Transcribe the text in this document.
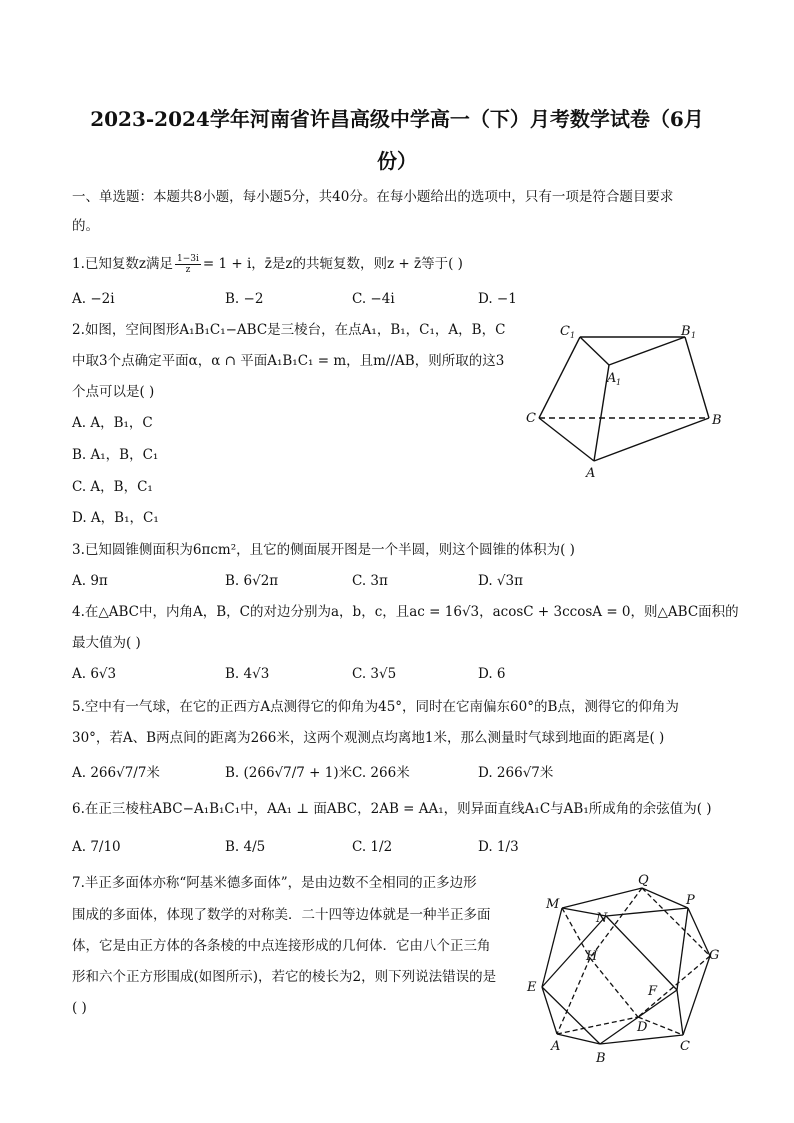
2023-2024学年河南省许昌高级中学高一（下）月考数学试卷（6月
份）
一、单选题：本题共8小题，每小题5分，共40分。在每小题给出的选项中，只有一项是符合题目要求
的。
1.已知复数z满足 $\frac{1-3i}{z} = 1 + i$，z̄是z的共轭复数，则z + z̄等于( )
A. −2i	B. −2	C. −4i	D. −1
2.如图，空间图形A₁B₁C₁−ABC是三棱台，在点A₁，B₁，C₁，A，B，C
中取3个点确定平面α，α ∩ 平面A₁B₁C₁ = m，且m//AB，则所取的这3
个点可以是( )
A. A，B₁，C
B. A₁，B，C₁
C. A，B，C₁
D. A，B₁，C₁
C 1	B 1
A 1
C	B
A
3.已知圆锥侧面积为6πcm²，且它的侧面展开图是一个半圆，则这个圆锥的体积为( )
A. 9π	B. 6√2π	C. 3π	D. √3π
4.在△ABC中，内角A，B，C的对边分别为a，b，c，且ac = 16√3，acosC + 3ccosA = 0，则△ABC面积的
最大值为( )
A. 6√3	B. 4√3	C. 3√5	D. 6
5.空中有一气球，在它的正西方A点测得它的仰角为45°，同时在它南偏东60°的B点，测得它的仰角为
30°，若A、B两点间的距离为266米，这两个观测点均离地1米，那么测量时气球到地面的距离是( )
A. 266√7/7米	B. (266√7/7 + 1)米 C. 266米	D. 266√7米
6.在正三棱柱ABC−A₁B₁C₁中，AA₁ ⊥ 面ABC，2AB = AA₁，则异面直线A₁C与AB₁所成角的余弦值为( )
A. 7/10	B. 4/5	C. 1/2	D. 1/3
7.半正多面体亦称“阿基米德多面体”，是由边数不全相同的正多边形
围成的多面体，体现了数学的对称美．二十四等边体就是一种半正多面
体，它是由正方体的各条棱的中点连接形成的几何体．它由八个正三角
形和六个正方形围成(如图所示)，若它的棱长为2，则下列说法错误的是
( )
Q
M	P
N
H	G
E	F
D
A
B
C
